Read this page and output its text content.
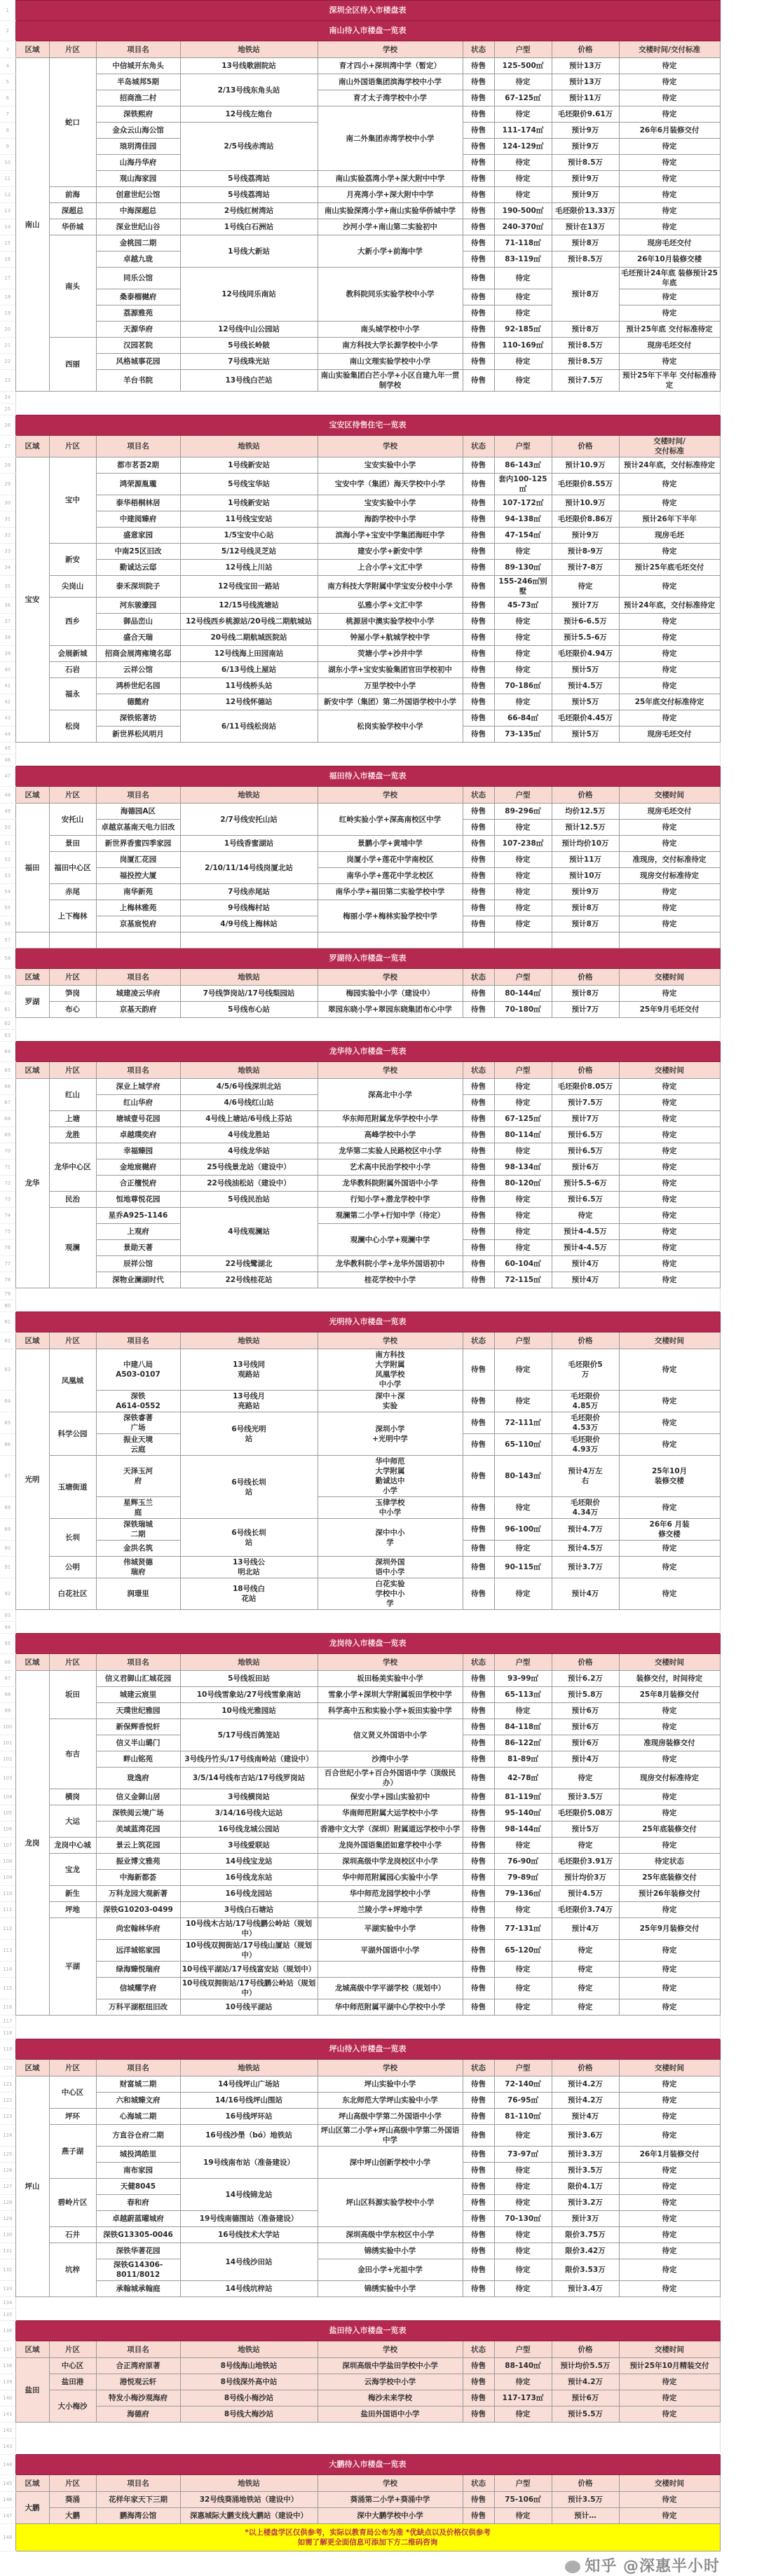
1	深圳全区待入市楼盘表								
2	南山待入市楼盘一览表								
3	区域	片区	项目名	地铁站	学校	状态	户型	价格	交楼时间/交付标准
4	南山	蛇口	中信城开东角头	13号线歌剧院站	育才四小+深圳湾中学（暂定）	待售	125-500㎡	预计13万	待定
5			半岛城邦5期	2/13号线东角头站	南山外国语集团滨海学校中小学	待售	待定	预计13万	待定
6			招商渔二村		育才太子湾学校中小学	待售	67-125㎡	预计11万	待定
7			深铁熙府	12号线左炮台	南二外集团赤湾学校中小学	待售	待定	毛坯限价9.61万	待定
8			金众云山海公馆	2/5号线赤湾站		待售	111-174㎡	预计9万	26年6月装修交付
9			琅玥湾佳园			待售	124-129㎡	预计9万	待定
10			山海丹华府			待售	待定	预计8.5万	待定
11			观山海家园	5号线荔湾站	南山实验荔湾小学+深大附中中学	待售	待定	预计9万	待定
12		前海	创意世纪公馆	5号线荔湾站	月亮湾小学+深大附中中学	待售	待定	预计9万	待定
13		深超总	中海深超总	2号线红树湾站	南山实验深湾小学+南山实验华侨城中学	待售	190-500㎡	毛坯限价13.33万	待定
14		华侨城	深业世纪山谷	1号线白石洲站	沙河小学+南山第二实验初中	待售	240-370㎡	预计在13万	待定
15		南头	金桃园二期	1号线大新站	大新小学+前海中学	待售	71-118㎡	预计8万	现房毛坯交付
16			卓越九珑			待售	83-119㎡	预计8.5万	26年10月装修交楼
17			同乐公馆	12号线同乐南站	教科院同乐实验学校中小学	待售	待定	预计8万	毛坯预计24年底 装修预计25年底
18			桑泰榴樾府			待售	待定		待定
19			荔源雅苑			待售	待定		待定
20			天源华府	12号线中山公园站	南头城学校中小学	待售	92-185㎡	预计8万	预计25年底 交付标准待定
21		西丽	汉园茗院	5号线长岭陂	南方科技大学长源学校中小学	待售	110-169㎡	预计8.5万	现房毛坯交付
22			风格城事花园	7号线珠光站	南山文理实验学校中小学	待售	待定	预计8.5万	待定
23			羊台书院	13号线白芒站	南山实验集团白芒小学+小区自建九年一贯制学校	待售	待定	预计7.5万	预计25年下半年 交付标准待定
24									
25									
26	宝安区待售住宅一览表								
27	区域	片区	项目名	地铁站	学校	状态	户型	价格	交楼时间/
交付标准
28	宝安	宝中	都市茗荟2期	1号线新安站	宝安实验中小学	待售	86-143㎡	预计10.9万	预计24年底，交付标准待定
29			鸿荣源胤瓏	5号线宝华站	宝安中学（集团）海天学校中小学	待售	套内100-125㎡	毛坯限价8.55万	待定
30			泰华梧桐林居	1号线新安站	宝安实验中小学	待售	107-172㎡	预计10.9万	待定
31			中建阅臻府	11号线宝安站	海韵学校中小学	待售	94-138㎡	毛坯限价8.86万	预计26年下半年
32			盛意家园	1/5宝安中心站	滨海小学+宝安中学集团海旺中学	待售	47-154㎡	预计9万	现房毛坯
33		新安	中南25区旧改	5/12号线灵芝站	建安小学+新安中学	待售	待定	预计8-9万	待定
34			勤诚达云邸	12号线上川站	上合小学+文汇中学	待售	89-130㎡	预计7-8万	预计25年底毛坯交付
35		尖岗山	泰禾深圳院子	12号线宝田一路站	南方科技大学附属中学宝安分校中小学	待售	155-246㎡别墅	待定	待定
36		西乡	河东骏濠园	12/15号线流塘站	弘雅小学+文汇中学	待售	45-73㎡	预计7万	预计24年底，交付标准待定
37			御品峦山	12号线西乡桃源站/20号线二期航城站	桃源居中澳实验学校中小学	待售	待定	预计6-6.5万	待定
38			盛合天瑞	20号线二期航城医院站	钟屋小学+航城学校中学	待售	待定	预计5.5-6万	待定
39		会展新城	招商会展湾雍境名邸	12号线海上田园南站	荧塘小学+沙井中学	待售	待定	毛坯限价4.94万	待定
40		石岩	云祥公馆	6/13号线上屋站	湖东小学+宝安实验集团官田学校初中	待售	待定	预计5万	待定
41		福永	鸿桥世纪名园	11号线桥头站	万里学校中小学	待售	70-186㎡	预计4.5万	待定
42			德懿府	12号线怀德站	新安中学（集团）第二外国语学校中小学	待售	待定	预计5万	25年底交付标准待定
43		松岗	深铁铭著坊	6/11号线松岗站	松岗实验学校中小学	待售	66-84㎡	毛坯限价4.45万	待定
44			新世界松风明月			待售	73-135㎡	预计5万	现房毛坯交付
45									
46									
47	福田待入市楼盘一览表								
48	区域	片区	项目名	地铁站	学校	状态	户型	价格	交楼时间
49	福田	安托山	海德园A区	2/7号线安托山站	红岭实验小学+深高南校区中学	待售	89-296㎡	均价12.5万	现房毛坯交付
50			卓越京基南天电力旧改			待售	待定	预计12.5万	待定
51		景田	新世界香蜜四季家园	1号线香蜜湖站	景鹏小学+黄埔中学	待售	107-238㎡	预计均价10万	待定
52		福田中心区	岗厦汇花园	2/10/11/14号线岗厦北站	岗厦小学+莲花中学南校区	待售	待定	预计11万	准现房，交付标准待定
53			福投控大厦		南华小学+莲花中学北校区	待售	待定	预计10万	现房交付标准待定
54		赤尾	南华新苑	7号线赤尾站	南华小学+福田第二实验学校中学	待售	待定	预计9万	待定
55		上下梅林	上梅林雅苑	9号线梅村站	梅丽小学+梅林实验学校中学	待售	待定	预计8万	待定
56			京基宸悦府	4/9号线上梅林站		待售	待定	预计8万	待定
57									
58	罗湖待入市楼盘一览表								
59	区域	片区	项目名	地铁站	学校	状态	户型	价格	交楼时间
60	罗湖	笋岗	城建凌云华府	7号线笋岗站/17号线梨园站	梅园实验中小学（建设中）	待售	80-144㎡	预计8万	待定
61		布心	京基天韵府	5号线布心站	翠园东晓小学+翠园东晓集团布心中学	待售	70-180㎡	预计7万	25年9月毛坯交付
62									
63									
64	龙华待入市楼盘一览表								
65	区域	片区	项目名	地铁站	学校	状态	户型	价格	交楼时间
66	龙华	红山	深业上城学府	4/5/6号线深圳北站	深高北中小学	待售	待定	毛坯限价8.05万	待定
67			红山华府	4/6号线红山站		待售	待定	预计7.5万	待定
68		上塘	塘城壹号花园	4号线上塘站/6号线上芬站	华东师范附属龙华学校中小学	待售	67-125㎡	预计7万	待定
69		龙胜	卓越璞奕府	4号线龙胜站	高峰学校中小学	待售	80-114㎡	预计6.5万	待定
70		龙华中心区	幸福臻园	4号线龙华站	龙华第二实验人民路校区中小学	待售	待定	预计6.5万	待定
71			金地宸樾府	25号线景龙站（建设中）	艺术高中民治学校中小学	待售	98-134㎡	预计6万	待定
72			合正檀悦府	22号线油松站（建设中）	龙华教科院附属外国语中小学	待售	80-120㎡	预计5.5-6万	待定
73		民治	恒地尊悦花园	5号线民治站	行知小学+潜龙学校中学	待售	待定	预计6.5万	待定
74		观澜	星乔A925-1146	4号线观澜站	观澜第二小学+行知中学（待定）	待售	待定	待定	待定
75			上观府		观澜中心小学+观澜中学	待售	待定	预计4-4.5万	待定
76			景勋天著			待售	待定	预计4-4.5万	待定
77			辰祥公馆	22号线鹭湖北	龙华教科院小学+龙华外国语初中	待售	60-104㎡	预计4万	待定
78			深物业澜湖时代	22号线桂花站	桂花学校中小学	待售	72-115㎡	预计4万	待定
79									
80									
81	光明待入市楼盘一览表								
82	区域	片区	项目名	地铁站	学校	状态	户型	价格	交楼时间
83	光明	凤凰城	中建八局
A503-0107	13号线同
观路站	南方科技
大学附属
凤凰学校
中小学	待售	待定	毛坯限价5
万	待定
84			深铁
A614-0552	13号线月
亮路站	深中＋深
实验	待售	待定	毛坯限价
4.85万	待定
85		科学公园	深铁睿著
广场	6号线光明
站	深圳小学
+光明中学	待售	72-111㎡	毛坯限价
4.53万	待定
86			振业天境
云庭			待售	65-110㎡	毛坯限价
4.93万	待定
87		玉塘街道	天泽玉河
府	6号线长圳
站	华中师范
大学附属
勤诚达中
小学	待售	80-143㎡	预计4万左
右	25年10月
装修交楼
88			星辉玉兰
庭		玉律学校
中小学	待售	待定	毛坯限价
4.34万	待定
89		长圳	深铁瑞城
二期	6号线长圳
站	深中中小
学	待售	96-100㎡	预计4.7万	26年6 月装
修交楼
90			金洪名筑			待售	待定	预计4.5万	待定
91		公明	伟城贤德
瑞府	13号线公
明北站	深圳外国
语中小学	待售	90-115㎡	预计3.7万	待定
92		白花社区	润璟里	18号线白
花站	白花实验
学校中小
学	待售	待定	预计4万	待定
93									
94									
95	龙岗待入市楼盘一览表								
96	区域	片区	项目名	地铁站	学校	状态	户型	价格	交楼时间
97	龙岗	坂田	信义君御山汇城花园	5号线坂田站	坂田杨美实验中小学	待售	93-99㎡	预计6.2万	装修交付，时间待定
98			城建云宸里	10号线雪象站/27号线雪象南站	雪象小学+深圳大学附属坂田学校中学	待售	65-113㎡	预计5.8万	25年8月装修交付
99			天璞世纪雅园	10号线光雅园站	科学高中五和实验小学+坂田实验中学	待售	待定	预计6万	待定
100		布吉	新保辉香悦轩	5/17号线百鸽笼站	信义贤义外国语中小学	待售	84-118㎡	预计6万	待定
101			信义半山璐门			待售	86-122㎡	预计6万	准现房装修交付
102			畔山铭苑	3号线丹竹头/17号线南岭站（建设中）	沙湾中小学	待售	81-89㎡	预计4万	待定
103			珑逸府	3/5/14号线布吉站/17号线罗岗站	百合世纪小学+百合外国语中学（顶级民办）	待售	42-78㎡	待定	现房交付标准待定
104		横岗	信义金御山居	3号线横岗站	保安小学+园山实验初中	待售	81-119㎡	预计3.5万	待定
105		大运	深铁阅云境广场	3/14/16号线大运站	华南师范附属大运学校中小学	待售	95-140㎡	毛坯限价5.08万	待定
106			美域蓝湾花园	16号线龙城公园站	香港中文大学（深圳）附属道远学校中小学	待售	98-144㎡	预计5万	25年底装修交付
107		龙岗中心城	景云上筑花园	3号线爱联站	龙岗外国语集团如意学校中小学	待售	待定	待定	待定
108		宝龙	振业博文雅苑	14号线宝龙站	深圳高级中学龙岗校区中小学	待售	76-90㎡	毛坯限价3.91万	待定状态
109			中海新都荟	16号线龙东站	华中师范附属园心实验中小学	待售	79-89㎡	预计均价3万	25年底装修交付
110		新生	万科龙园大观新著	16号线龙园站	华中师范龙园学校中小学	待售	79-136㎡	预计4.5万	预计26年装修交付
111		坪地	深铁G10203-0499	3号线白石塘站	兰陵小学+坪地中学	待售	待定	毛坯限价3.74万	待定
112		平湖	尚宏翰林华府	10号线木古站/17号线鹏公岭站（规划中）	平湖实验中小学	待售	77-131㎡	预计4万	25年9月装修交付
113			远洋城铭家园	10号线双拥街站/17号线山厦站（规划中）	平湖外国语中小学	待售	65-120㎡	待定	待定
114			绿海臻悦瑞府	10号线平湖站/17号线富安站（规划中）		待售	待定	待定	待定
115			信城耀学府	10号线双拥街站/17号线鹏公岭站（规划中）	龙城高级中学平湖学校（规划中）	待售	待定	待定	待定
116			万科平湖枢纽旧改	10号线平湖站	华中师范附属平湖中心学校中小学	待售	待定	待定	待定
117									
118									
119	坪山待入市楼盘一览表								
120	区域	片区	项目名	地铁站	学校	状态	户型	价格	交楼时间
121	坪山	中心区	财富城二期	14号线坪山广场站	坪山实验中小学	待售	72-140㎡	预计4.2万	待定
122			六和城臻文府	14/16号线坪山围站	东北师范大学坪山实验中小学	待售	76-95㎡	预计4.2万	待定
123		坪环	心海城二期	16号线坪环站	坪山高级中学第二外国语中小学	待售	81-110㎡	预计4万	待定
124		燕子湖	方直谷仓府二期	16号线沙壆（bó）地铁站	坪山区第二小学+坪山高级中学第二外国语中学	待售	待定	预计3.6万	待定
125			城投鸿皓里	19号线南布站（准备建设）	深中坪山创新学校中小学	待售	73-97㎡	预计3.3万	26年1月装修交付
126			南布家园			待售	待定	预计3.5万	待定
127		碧岭片区	天健8045	14号线锦龙站	坪山区科源实验学校中小学	待售	待定	限价4.1万	待定
128			春和府			待售	待定	预计3.2万	待定
129			卓越蔚蓝曜城府	19号线南德围站（准备建设）		待售	70-130㎡	预计3万	待定
130		石井	深铁G13305-0046	16号线技术大学站	深圳高级中学东校区中小学	待售	待定	限价3.75万	待定
131		坑梓	深铁华著花园	14号线沙田站	锦绣实验中小学	待售	待定	限价3.42万	待定
132			深铁G14306-8011/8012		金田小学+光祖中学	待售	待定	限价3.53万	待定
133			承翰城承翰庭	14号线坑梓站	锦绣实验中小学	待售	待定	预计3.4万	待定
134									
135									
136	盐田待入市楼盘一览表								
137	区域	片区	项目名	地铁站	学校	状态	户型	价格	交楼时间
138	盐田	中心区	合正湾府原著	8号线海山地铁站	深圳高级中学盐田学校中小学	待售	88-140㎡	预计均价5.5万	预计25年10月精装交付
139		盐田港	港悦观云轩	8号线深外高中站	云海学校中小学	待售	待定	预计4.2万	待定
140		大小梅沙	特发小梅沙观海府	8号线小梅沙站	梅沙未来学校	待售	117-173㎡	预计6万	待定
141			海德府	8号线大梅沙站	盐田外国语中小学	待售	待定	预计5.5万	待定
142									
143									
144	大鹏待入市楼盘一览表								
145	区域	片区	项目名	地铁站	学校	状态	户型	价格	交楼时间
146	大鹏	葵涌	花样年家天下三期	32号线葵涌地铁站（建设中）	葵涌第二小学+葵涌中学	待售	75-106㎡	预计3.5万	待定
147		大鹏	鹏海湾公馆	深惠城际大鹏支线大鹏站（建设中）	深中大鹏学校中小学	待售	待定	预计…	待定
148	*以上楼盘学区仅供参考，实际以教育局公布为准 *优缺点以及价格仅供参考
如需了解更全面信息可添加下方二维码咨询								
知乎 @深惠半小时
